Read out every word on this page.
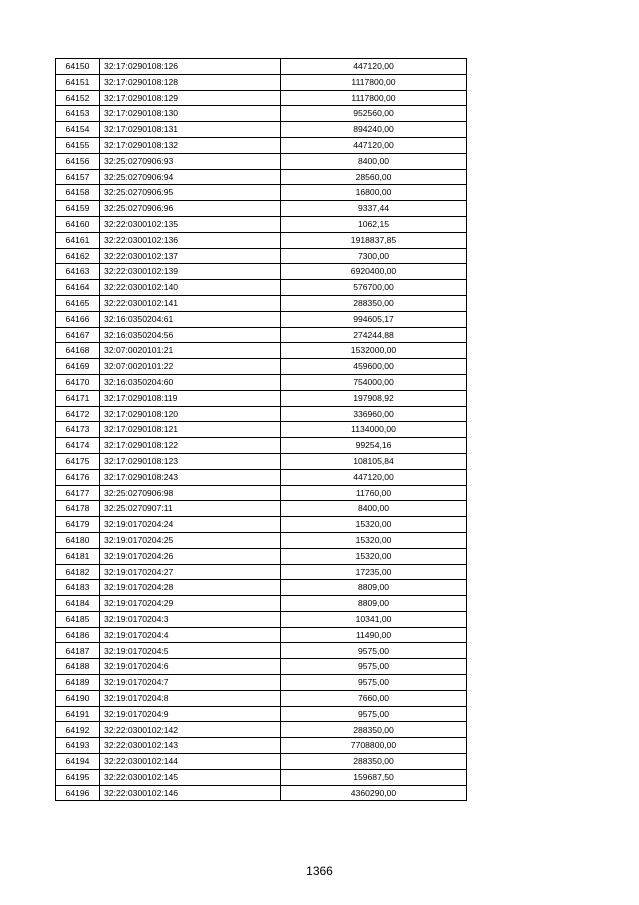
64150	32:17:0290108:126	447120,00
64151	32:17:0290108:128	1117800,00
64152	32:17:0290108:129	1117800,00
64153	32:17:0290108:130	952560,00
64154	32:17:0290108:131	894240,00
64155	32:17:0290108:132	447120,00
64156	32:25:0270906:93	8400,00
64157	32:25:0270906:94	28560,00
64158	32:25:0270906:95	16800,00
64159	32:25:0270906:96	9337,44
64160	32:22:0300102:135	1062,15
64161	32:22:0300102:136	1918837,85
64162	32:22:0300102:137	7300,00
64163	32:22:0300102:139	6920400,00
64164	32:22:0300102:140	576700,00
64165	32:22:0300102:141	288350,00
64166	32:16:0350204:61	994605,17
64167	32:16:0350204:56	274244,88
64168	32:07:0020101:21	1532000,00
64169	32:07:0020101:22	459600,00
64170	32:16:0350204:60	754000,00
64171	32:17:0290108:119	197908,92
64172	32:17:0290108:120	336960,00
64173	32:17:0290108:121	1134000,00
64174	32:17:0290108:122	99254,16
64175	32:17:0290108:123	108105,84
64176	32:17:0290108:243	447120,00
64177	32:25:0270906:98	11760,00
64178	32:25:0270907:11	8400,00
64179	32:19:0170204:24	15320,00
64180	32:19:0170204:25	15320,00
64181	32:19:0170204:26	15320,00
64182	32:19:0170204:27	17235,00
64183	32:19:0170204:28	8809,00
64184	32:19:0170204:29	8809,00
64185	32:19:0170204:3	10341,00
64186	32:19:0170204:4	11490,00
64187	32:19:0170204:5	9575,00
64188	32:19:0170204:6	9575,00
64189	32:19:0170204:7	9575,00
64190	32:19:0170204:8	7660,00
64191	32:19:0170204:9	9575,00
64192	32:22:0300102:142	288350,00
64193	32:22:0300102:143	7708800,00
64194	32:22:0300102:144	288350,00
64195	32:22:0300102:145	159687,50
64196	32:22:0300102:146	4360290,00
1366
